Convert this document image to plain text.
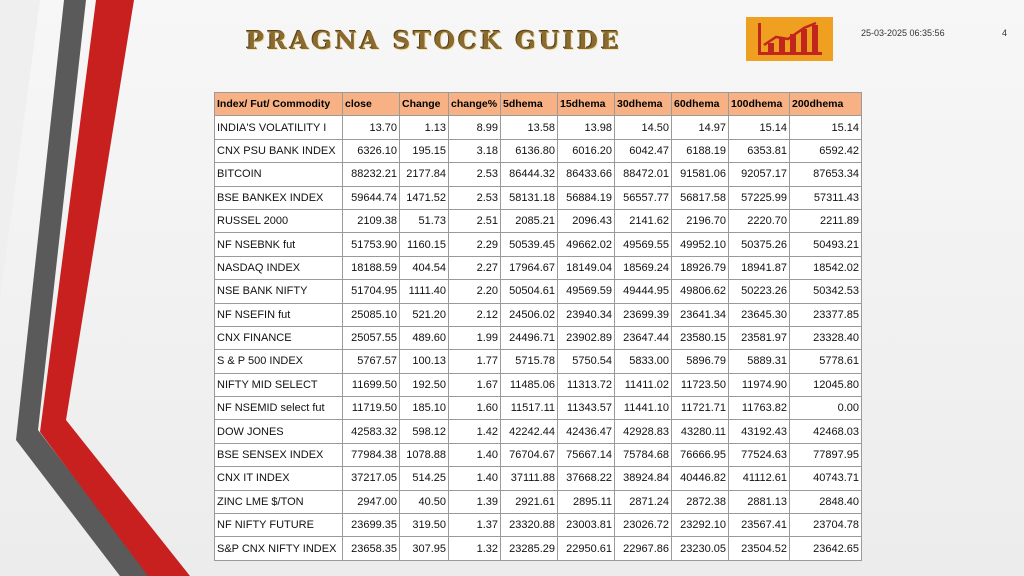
PRAGNA STOCK GUIDE	25-03-2025 06:35:56	4
Index/ Fut/ Commodity	close	Change	change%	5dhema	15dhema	30dhema	60dhema	100dhema	200dhema
INDIA'S VOLATILITY I	13.70	1.13	8.99	13.58	13.98	14.50	14.97	15.14	15.14
CNX PSU BANK INDEX	6326.10	195.15	3.18	6136.80	6016.20	6042.47	6188.19	6353.81	6592.42
BITCOIN	88232.21	2177.84	2.53	86444.32	86433.66	88472.01	91581.06	92057.17	87653.34
BSE BANKEX INDEX	59644.74	1471.52	2.53	58131.18	56884.19	56557.77	56817.58	57225.99	57311.43
RUSSEL 2000	2109.38	51.73	2.51	2085.21	2096.43	2141.62	2196.70	2220.70	2211.89
NF NSEBNK fut	51753.90	1160.15	2.29	50539.45	49662.02	49569.55	49952.10	50375.26	50493.21
NASDAQ INDEX	18188.59	404.54	2.27	17964.67	18149.04	18569.24	18926.79	18941.87	18542.02
NSE BANK NIFTY	51704.95	1111.40	2.20	50504.61	49569.59	49444.95	49806.62	50223.26	50342.53
NF NSEFIN fut	25085.10	521.20	2.12	24506.02	23940.34	23699.39	23641.34	23645.30	23377.85
CNX FINANCE	25057.55	489.60	1.99	24496.71	23902.89	23647.44	23580.15	23581.97	23328.40
S & P 500 INDEX	5767.57	100.13	1.77	5715.78	5750.54	5833.00	5896.79	5889.31	5778.61
NIFTY MID SELECT	11699.50	192.50	1.67	11485.06	11313.72	11411.02	11723.50	11974.90	12045.80
NF NSEMID select fut	11719.50	185.10	1.60	11517.11	11343.57	11441.10	11721.71	11763.82	0.00
DOW JONES	42583.32	598.12	1.42	42242.44	42436.47	42928.83	43280.11	43192.43	42468.03
BSE SENSEX INDEX	77984.38	1078.88	1.40	76704.67	75667.14	75784.68	76666.95	77524.63	77897.95
CNX IT INDEX	37217.05	514.25	1.40	37111.88	37668.22	38924.84	40446.82	41112.61	40743.71
ZINC LME $/TON	2947.00	40.50	1.39	2921.61	2895.11	2871.24	2872.38	2881.13	2848.40
NF NIFTY FUTURE	23699.35	319.50	1.37	23320.88	23003.81	23026.72	23292.10	23567.41	23704.78
S&P CNX NIFTY INDEX	23658.35	307.95	1.32	23285.29	22950.61	22967.86	23230.05	23504.52	23642.65
